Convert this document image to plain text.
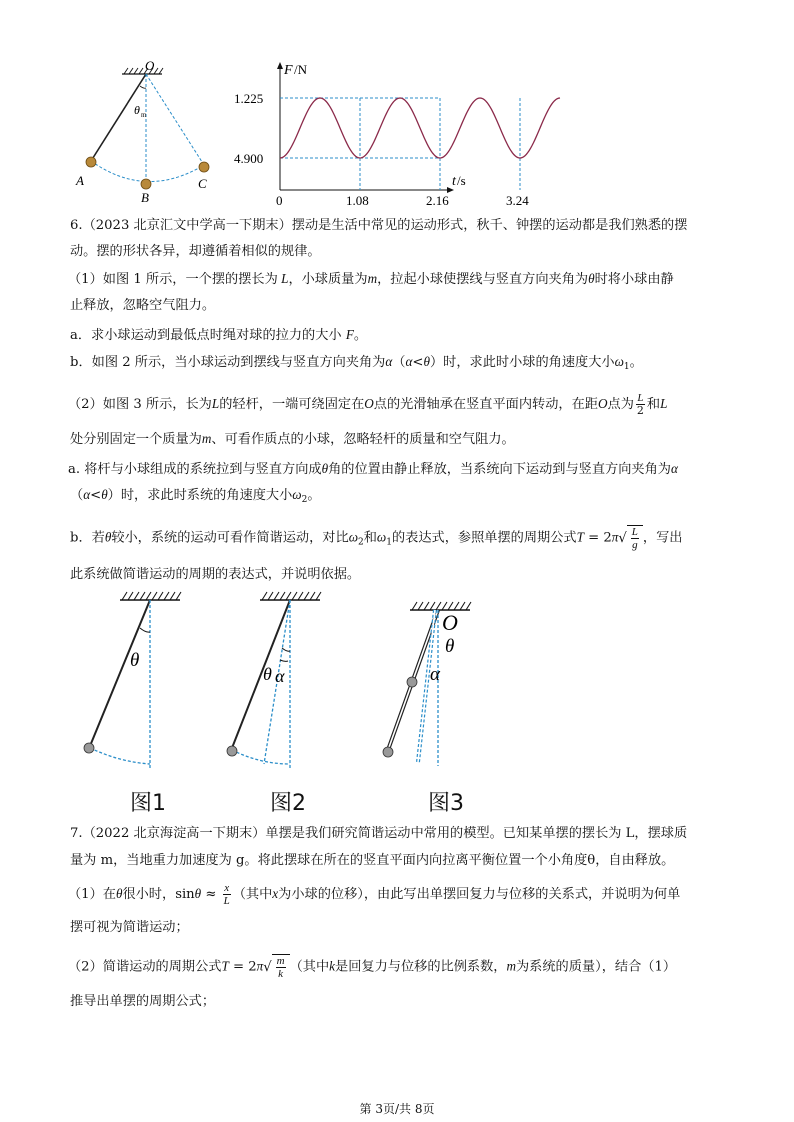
O
θ m
A
B
C
4.900
1.225
0	1.08	2.16	3.24
F /N
t /s
6.（2023 北京汇文中学高一下期末）摆动是生活中常见的运动形式，秋千、钟摆的运动都是我们熟悉的摆
动。摆的形状各异，却遵循着相似的规律。
（1）如图 1 所示，一个摆的摆长为 L，小球质量为m，拉起小球使摆线与竖直方向夹角为θ时将小球由静
止释放，忽略空气阻力。
a．求小球运动到最低点时绳对球的拉力的大小 F。
b．如图 2 所示，当小球运动到摆线与竖直方向夹角为α（α<θ）时，求此时小球的角速度大小$\omega_1$。
（2）如图 3 所示，长为L的轻杆，一端可绕固定在O点的光滑轴承在竖直平面内转动，在距O点为 $\frac{L}{2}$ 和L
处分别固定一个质量为m、可看作质点的小球，忽略轻杆的质量和空气阻力。
a. 将杆与小球组成的系统拉到与竖直方向成θ角的位置由静止释放，当系统向下运动到与竖直方向夹角为α
（α<θ）时，求此时系统的角速度大小$\omega_2$。
b．若θ较小，系统的运动可看作简谐运动，对比$\omega_2$和$\omega_1$的表达式，参照单摆的周期公式$T = 2\pi√ \frac{L}{g}$ ，写出
此系统做简谐运动的周期的表达式，并说明依据。
θ
θ α
O
θ
α
图1	图2	图3
7.（2022 北京海淀高一下期末）单摆是我们研究简谐运动中常用的模型。已知某单摆的摆长为 L，摆球质
量为 m，当地重力加速度为 g。将此摆球在所在的竖直平面内向拉离平衡位置一个小角度θ，自由释放。
（1）在θ很小时，$\sin\theta \approx \frac{x}{L}$ （其中x为小球的位移），由此写出单摆回复力与位移的关系式，并说明为何单
摆可视为简谐运动；
（2）简谐运动的周期公式$T = 2\pi√ \frac{m}{k}$ （其中k是回复力与位移的比例系数，m为系统的质量），结合（1）
推导出单摆的周期公式；
第 3页/共 8页
